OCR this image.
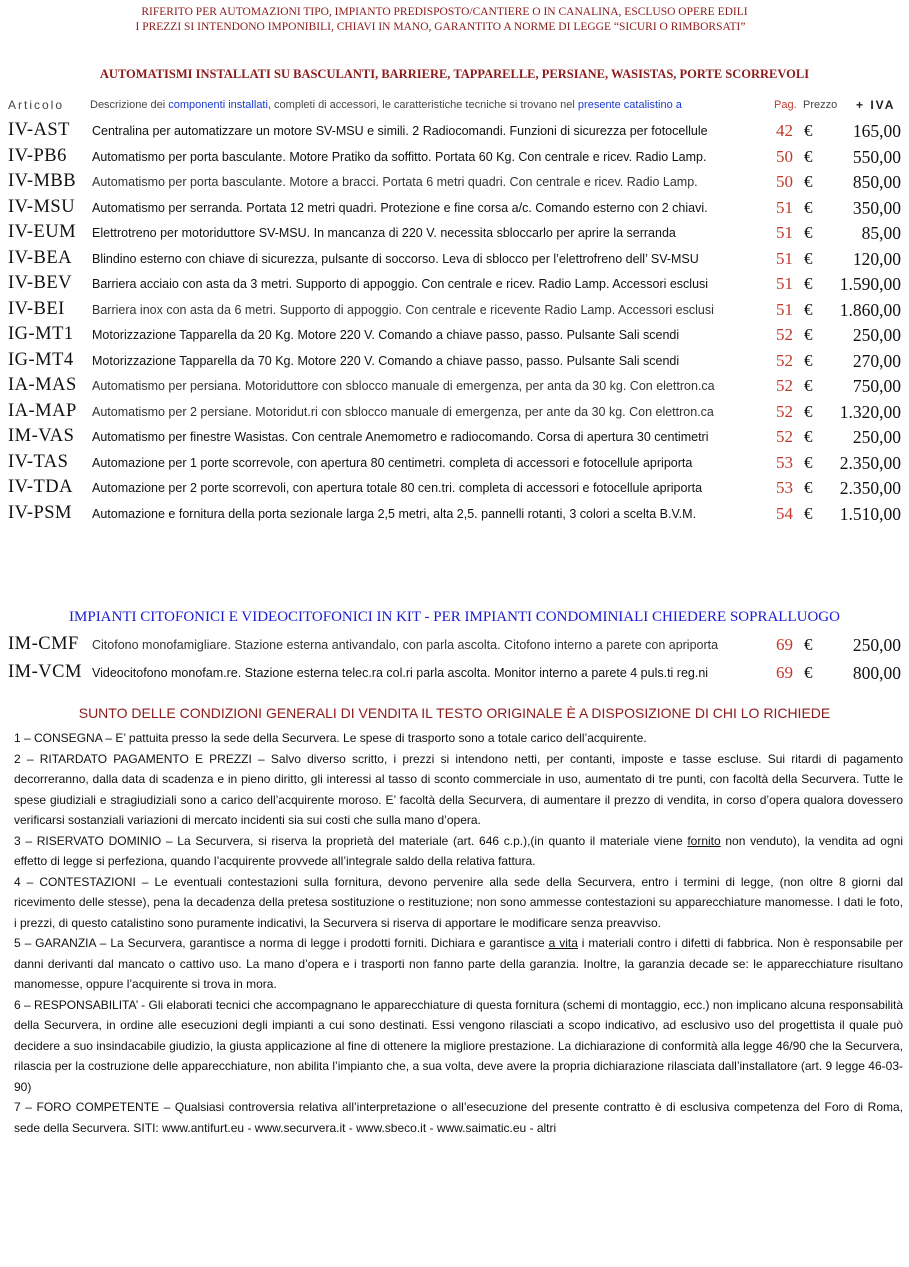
RIFERITO PER AUTOMAZIONI TIPO, IMPIANTO PREDISPOSTO/CANTIERE O IN CANALINA, ESCLUSO OPERE EDILI
I PREZZI SI INTENDONO IMPONIBILI, CHIAVI IN MANO, GARANTITO A NORME DI LEGGE “SICURI O RIMBORSATI”
AUTOMATISMI INSTALLATI SU BASCULANTI, BARRIERE, TAPPARELLE, PERSIANE, WASISTAS, PORTE SCORREVOLI
Articolo Descrizione dei componenti installati, completi di accessori, le caratteristiche tecniche si trovano nel presente catalistino a	Pag. Prezzo + IVA
IV-AST Centralina per automatizzare un motore SV-MSU e simili. 2 Radiocomandi. Funzioni di sicurezza per fotocellule	42 € 165,00
IV-PB6 Automatismo per porta basculante. Motore Pratiko da soffitto. Portata 60 Kg. Con centrale e ricev. Radio Lamp.	50 € 550,00
IV-MBB Automatismo per porta basculante. Motore a bracci. Portata 6 metri quadri. Con centrale e ricev. Radio Lamp.	50 € 850,00
IV-MSU Automatismo per serranda. Portata 12 metri quadri. Protezione e fine corsa a/c. Comando esterno con 2 chiavi.	51 € 350,00
IV-EUM Elettrotreno per motoriduttore SV-MSU. In mancanza di 220 V. necessita sbloccarlo per aprire la serranda	51 €	85,00
IV-BEA Blindino esterno con chiave di sicurezza, pulsante di soccorso. Leva di sblocco per l’elettrofreno dell’ SV-MSU	51 € 120,00
IV-BEV Barriera acciaio con asta da 3 metri. Supporto di appoggio. Con centrale e ricev. Radio Lamp. Accessori esclusi	51 € 1.590,00
IV-BEI Barriera inox con asta da 6 metri. Supporto di appoggio. Con centrale e ricevente Radio Lamp. Accessori esclusi	51 € 1.860,00
IG-MT1 Motorizzazione Tapparella da 20 Kg. Motore 220 V. Comando a chiave passo, passo. Pulsante Sali scendi	52 € 250,00
IG-MT4 Motorizzazione Tapparella da 70 Kg. Motore 220 V. Comando a chiave passo, passo. Pulsante Sali scendi	52 € 270,00
IA-MAS Automatismo per persiana. Motoriduttore con sblocco manuale di emergenza, per anta da 30 kg. Con elettron.ca	52 € 750,00
IA-MAP Automatismo per 2 persiane. Motoridut.ri con sblocco manuale di emergenza, per ante da 30 kg. Con elettron.ca	52 € 1.320,00
IM-VAS Automatismo per finestre Wasistas. Con centrale Anemometro e radiocomando. Corsa di apertura 30 centimetri	52 € 250,00
IV-TAS Automazione per 1 porte scorrevole, con apertura 80 centimetri. completa di accessori e fotocellule apriporta	53 € 2.350,00
IV-TDA Automazione per 2 porte scorrevoli, con apertura totale 80 cen.tri. completa di accessori e fotocellule apriporta	53 € 2.350,00
IV-PSM Automazione e fornitura della porta sezionale larga 2,5 metri, alta 2,5. pannelli rotanti, 3 colori a scelta B.V.M.	54 € 1.510,00
IMPIANTI CITOFONICI E VIDEOCITOFONICI IN KIT - PER IMPIANTI CONDOMINIALI CHIEDERE SOPRALLUOGO
IM-CMF Citofono monofamigliare. Stazione esterna antivandalo, con parla ascolta. Citofono interno a parete con apriporta	69 € 250,00
IM-VCM Videocitofono monofam.re. Stazione esterna telec.ra col.ri parla ascolta. Monitor interno a parete 4 puls.ti reg.ni	69 € 800,00
SUNTO DELLE CONDIZIONI GENERALI DI VENDITA IL TESTO ORIGINALE È A DISPOSIZIONE DI CHI LO RICHIEDE
1 – CONSEGNA – E’ pattuita presso la sede della Securvera. Le spese di trasporto sono a totale carico dell’acquirente.
2 – RITARDATO PAGAMENTO E PREZZI – Salvo diverso scritto, i prezzi si intendono netti, per contanti, imposte e tasse escluse. Sui ritardi di pagamento decorreranno, dalla data di scadenza e in pieno diritto, gli interessi al tasso di sconto commerciale in uso, aumentato di tre punti, con facoltà della Securvera. Tutte le spese giudiziali e stragiudiziali sono a carico dell’acquirente moroso. E’ facoltà della Securvera, di aumentare il prezzo di vendita, in corso d’opera qualora dovessero verificarsi sostanziali variazioni di mercato incidenti sia sui costi che sulla mano d’opera.
3 – RISERVATO DOMINIO – La Securvera, si riserva la proprietà del materiale (art. 646 c.p.),(in quanto il materiale viene fornito non venduto), la vendita ad ogni effetto di legge si perfeziona, quando l’acquirente provvede all’integrale saldo della relativa fattura.
4 – CONTESTAZIONI – Le eventuali contestazioni sulla fornitura, devono pervenire alla sede della Securvera, entro i termini di legge, (non oltre 8 giorni dal ricevimento delle stesse), pena la decadenza della pretesa sostituzione o restituzione; non sono ammesse contestazioni su apparecchiature manomesse. I dati le foto, i prezzi, di questo catalistino sono puramente indicativi, la Securvera si riserva di apportare le modificare senza preavviso.
5 – GARANZIA – La Securvera, garantisce a norma di legge i prodotti forniti. Dichiara e garantisce a vita i materiali contro i difetti di fabbrica. Non è responsabile per danni derivanti dal mancato o cattivo uso. La mano d’opera e i trasporti non fanno parte della garanzia. Inoltre, la garanzia decade se: le apparecchiature risultano manomesse, oppure l’acquirente si trova in mora.
6 – RESPONSABILITA’ - Gli elaborati tecnici che accompagnano le apparecchiature di questa fornitura (schemi di montaggio, ecc.) non implicano alcuna responsabilità della Securvera, in ordine alle esecuzioni degli impianti a cui sono destinati. Essi vengono rilasciati a scopo indicativo, ad esclusivo uso del progettista il quale può decidere a suo insindacabile giudizio, la giusta applicazione al fine di ottenere la migliore prestazione. La dichiarazione di conformità alla legge 46/90 che la Securvera, rilascia per la costruzione delle apparecchiature, non abilita l’impianto che, a sua volta, deve avere la propria dichiarazione rilasciata dall’installatore (art. 9 legge 46-03-90)
7 – FORO COMPETENTE – Qualsiasi controversia relativa all’interpretazione o all’esecuzione del presente contratto è di esclusiva competenza del Foro di Roma, sede della Securvera. SITI: www.antifurt.eu - www.securvera.it - www.sbeco.it - www.saimatic.eu - altri
